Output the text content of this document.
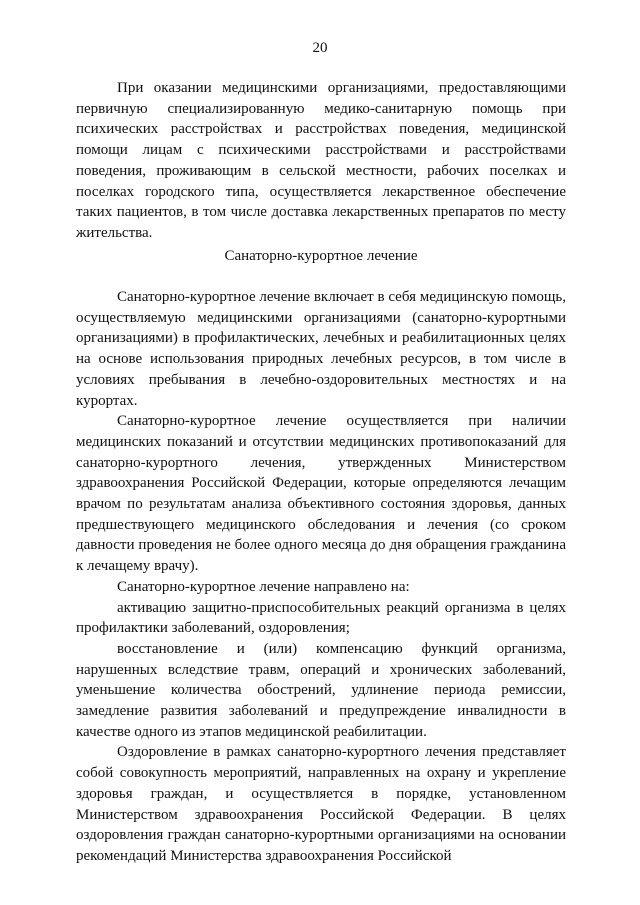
20

При оказании медицинскими организациями, предоставляющими первичную специализированную медико-санитарную помощь при психических расстройствах и расстройствах поведения, медицинской помощи лицам с психическими расстройствами и расстройствами поведения, проживающим в сельской местности, рабочих поселках и поселках городского типа, осуществляется лекарственное обеспечение таких пациентов, в том числе доставка лекарственных препаратов по месту жительства.

Санаторно-курортное лечение

Санаторно-курортное лечение включает в себя медицинскую помощь, осуществляемую медицинскими организациями (санаторно-курортными организациями) в профилактических, лечебных и реабилитационных целях на основе использования природных лечебных ресурсов, в том числе в условиях пребывания в лечебно-оздоровительных местностях и на курортах.

Санаторно-курортное лечение осуществляется при наличии медицинских показаний и отсутствии медицинских противопоказаний для санаторно-курортного лечения, утвержденных Министерством здравоохранения Российской Федерации, которые определяются лечащим врачом по результатам анализа объективного состояния здоровья, данных предшествующего медицинского обследования и лечения (со сроком давности проведения не более одного месяца до дня обращения гражданина к лечащему врачу).

Санаторно-курортное лечение направлено на:

активацию защитно-приспособительных реакций организма в целях профилактики заболеваний, оздоровления;

восстановление и (или) компенсацию функций организма, нарушенных вследствие травм, операций и хронических заболеваний, уменьшение количества обострений, удлинение периода ремиссии, замедление развития заболеваний и предупреждение инвалидности в качестве одного из этапов медицинской реабилитации.

Оздоровление в рамках санаторно-курортного лечения представляет собой совокупность мероприятий, направленных на охрану и укрепление здоровья граждан, и осуществляется в порядке, установленном Министерством здравоохранения Российской Федерации. В целях оздоровления граждан санаторно-курортными организациями на основании рекомендаций Министерства здравоохранения Российской
